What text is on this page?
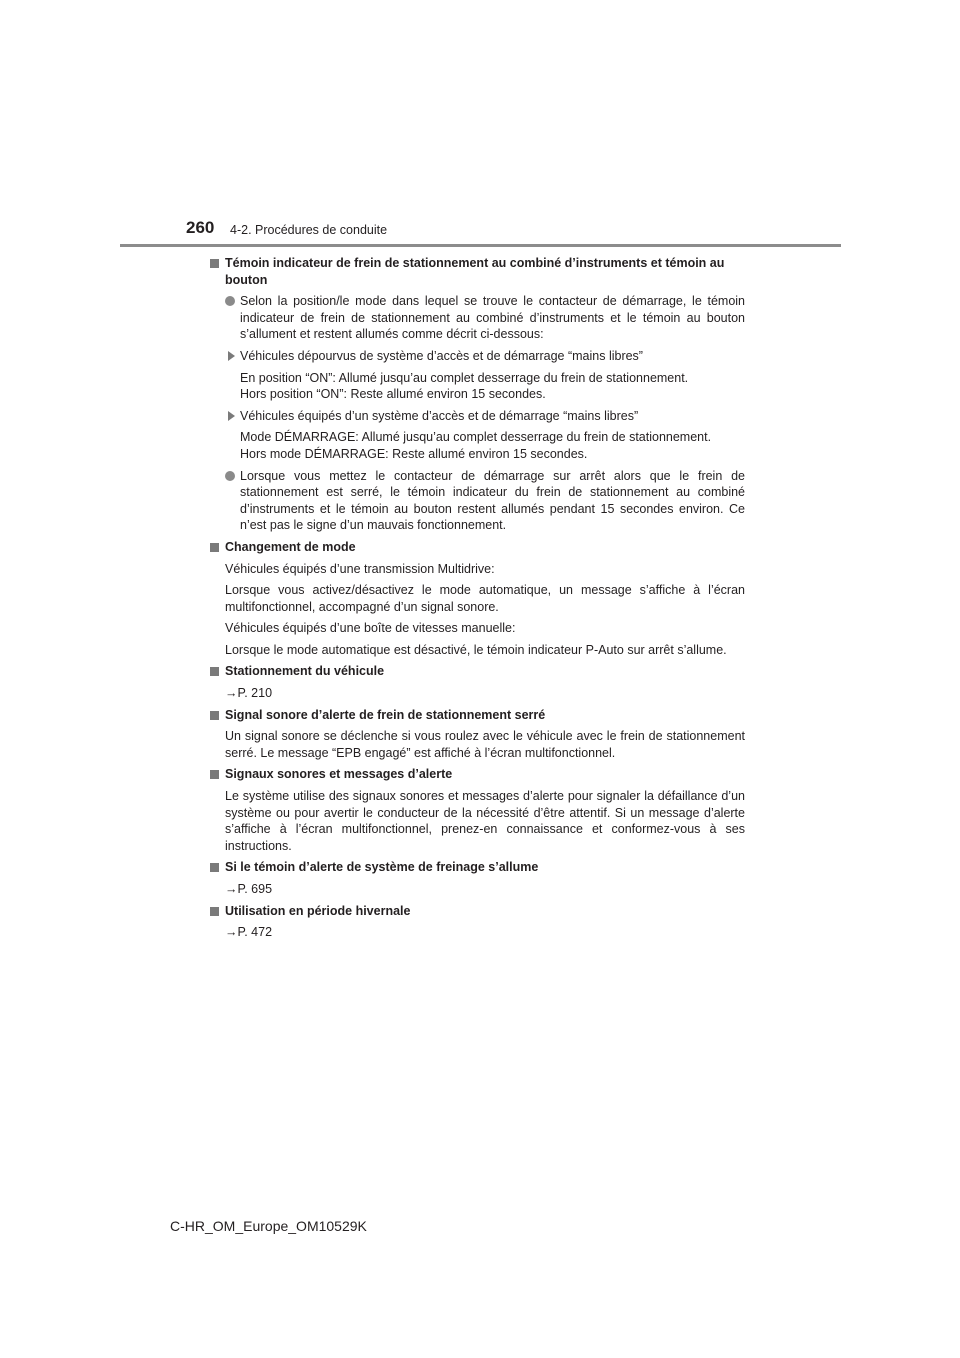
260 4-2. Procédures de conduite
Témoin indicateur de frein de stationnement au combiné d’instruments et témoin au bouton
Selon la position/le mode dans lequel se trouve le contacteur de démarrage, le témoin indicateur de frein de stationnement au combiné d’instruments et le témoin au bouton s’allument et restent allumés comme décrit ci-dessous:
Véhicules dépourvus de système d’accès et de démarrage “mains libres”
En position “ON”: Allumé jusqu’au complet desserrage du frein de stationnement.
Hors position “ON”: Reste allumé environ 15 secondes.
Véhicules équipés d’un système d’accès et de démarrage “mains libres”
Mode DÉMARRAGE: Allumé jusqu’au complet desserrage du frein de stationnement.
Hors mode DÉMARRAGE: Reste allumé environ 15 secondes.
Lorsque vous mettez le contacteur de démarrage sur arrêt alors que le frein de stationnement est serré, le témoin indicateur du frein de stationnement au combiné d’instruments et le témoin au bouton restent allumés pendant 15 secondes environ. Ce n’est pas le signe d’un mauvais fonctionnement.
Changement de mode

Véhicules équipés d’une transmission Multidrive:

Lorsque vous activez/désactivez le mode automatique, un message s’affiche à l’écran multifonctionnel, accompagné d’un signal sonore.

Véhicules équipés d’une boîte de vitesses manuelle:

Lorsque le mode automatique est désactivé, le témoin indicateur P-Auto sur arrêt s’allume.

Stationnement du véhicule

→P. 210

Signal sonore d’alerte de frein de stationnement serré

Un signal sonore se déclenche si vous roulez avec le véhicule avec le frein de stationnement serré. Le message “EPB engagé” est affiché à l’écran multifonctionnel.

Signaux sonores et messages d’alerte

Le système utilise des signaux sonores et messages d’alerte pour signaler la défaillance d’un système ou pour avertir le conducteur de la nécessité d’être attentif. Si un message d’alerte s’affiche à l’écran multifonctionnel, prenez-en connaissance et conformez-vous à ses instructions.

Si le témoin d’alerte de système de freinage s’allume

→P. 695

Utilisation en période hivernale

→P. 472

C-HR_OM_Europe_OM10529K
